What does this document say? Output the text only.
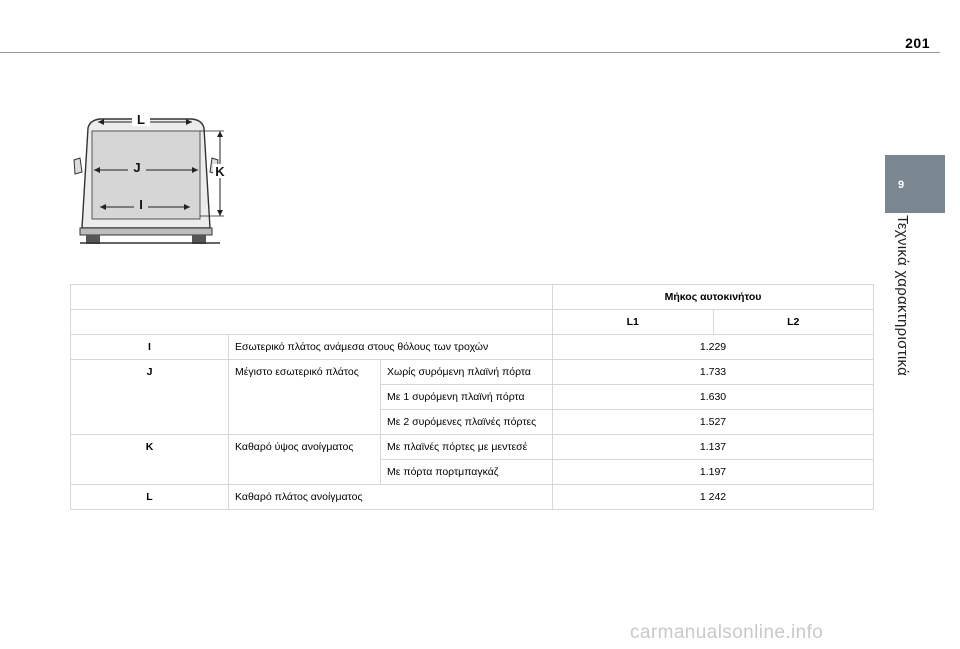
201
9
Τεχνικά χαρακτηριστικά
L
J
I
K
			Μήκος αυτοκινήτου	
			L1	L2
I	Εσωτερικό πλάτος ανάμεσα στους θόλους των τροχών		1.229	
J	Μέγιστο εσωτερικό πλάτος	Χωρίς συρόμενη πλαϊνή πόρτα	1.733	
		Με 1 συρόμενη πλαϊνή πόρτα	1.630	
		Με 2 συρόμενες πλαϊνές πόρτες	1.527	
K	Καθαρό ύψος ανοίγματος	Με πλαϊνές πόρτες με μεντεσέ	1.137	
		Με πόρτα πορτμπαγκάζ	1.197	
L	Καθαρό πλάτος ανοίγματος		1 242	
carmanualsonline.info
